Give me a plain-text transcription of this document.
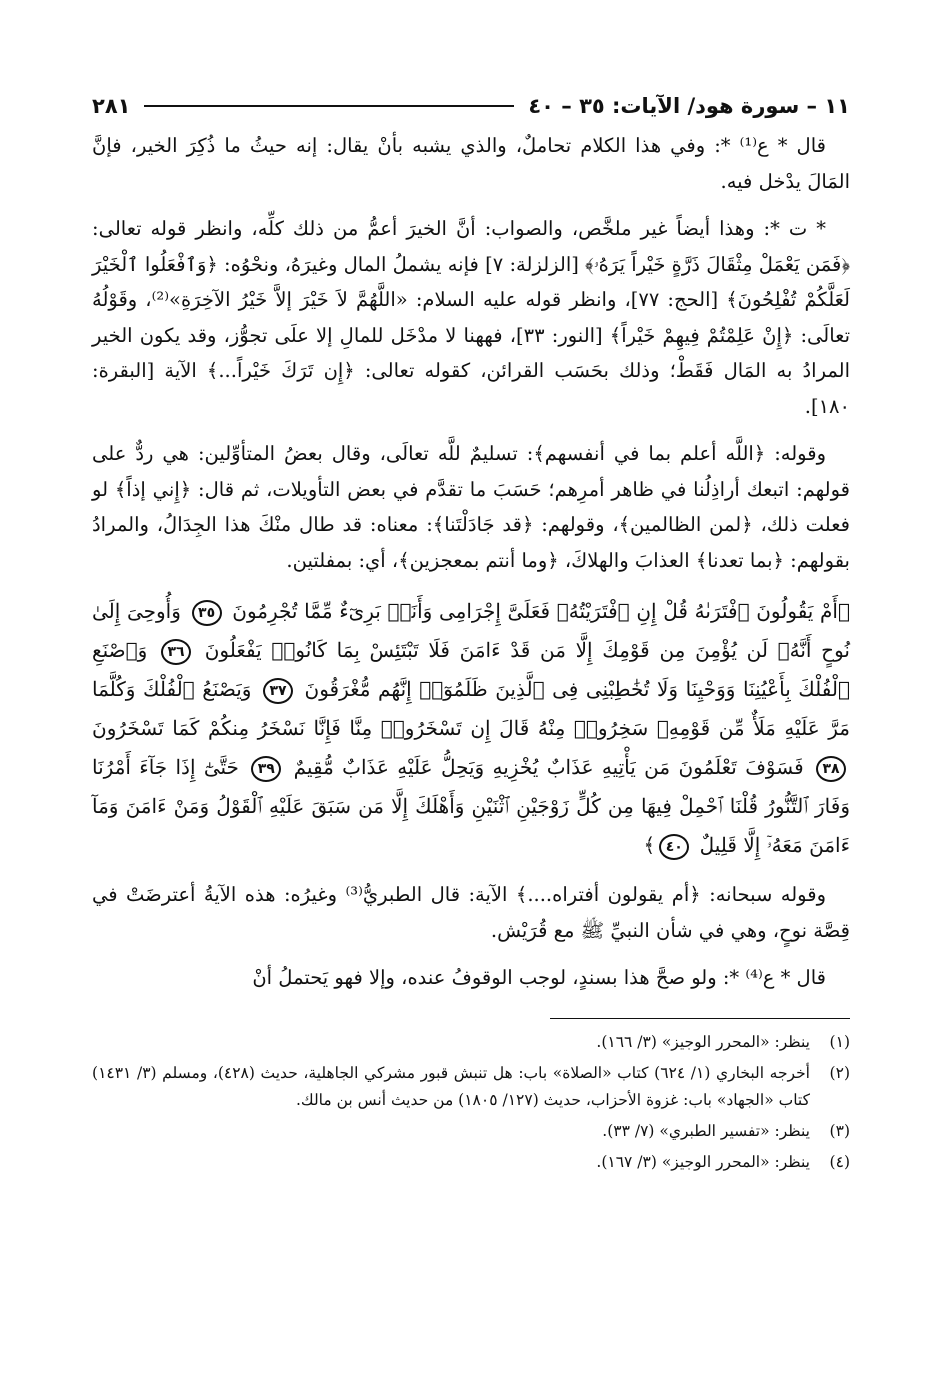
١١ – سورة هود/ الآيات: ٣٥ – ٤٠
٢٨١

قال * ع⁽¹⁾ *: وفي هذا الكلام تحاملٌ، والذي يشبه بأنْ يقال: إنه حيثُ ما ذُكِرَ الخير، فإنَّ المَالَ يدْخل فيه.

* ت *: وهذا أيضاً غير ملخَّص، والصواب: أنَّ الخيرَ أعمُّ من ذلك كلِّه، وانظر قوله تعالى: ﴿فَمَن يَعْمَلْ مِثْقَالَ ذَرَّةٍ خَيْراً يَرَهُۥ﴾ [الزلزلة: ٧] فإنه يشملُ المال وغيرَهُ، ونحْوُه: ﴿وَٱفْعَلُوا ٱلْخَيْرَ لَعَلَّكُمْ تُفْلِحُونَ﴾ [الحج: ٧٧]، وانظر قوله عليه السلام: «اللَّهُمَّ لاَ خَيْرَ إلاَّ خَيْرُ الآخِرَةِ»⁽²⁾، وقَوْلُهُ تعالَى: ﴿إِنْ عَلِمْتُمْ فِيهِمْ خَيْراً﴾ [النور: ٣٣]، فههنا لا مدْخَل للمالِ إلا علَى تجوُّز، وقد يكون الخير المرادُ به المَال فَقَطْ؛ وذلك بحَسَب القرائن، كقوله تعالى: ﴿إِن تَرَكَ خَيْراً...﴾ الآية [البقرة: ١٨٠].

وقوله: ﴿اللَّه أعلم بما في أنفسهم﴾: تسليمٌ للَّه تعالَى، وقال بعضُ المتأوِّلين: هي ردٌّ على قولهم: اتبعك أراذِلُنا في ظاهر أمرِهم؛ حَسَبَ ما تقدَّم في بعض التأويلات، ثم قال: ﴿إِني إذاً﴾ لو فعلت ذلك، ﴿لمن الظالمين﴾، وقولهم: ﴿قد جَادَلْتَنا﴾: معناه: قد طال منْكَ هذا الجِدَالُ، والمرادُ بقولهم: ﴿بما تعدنا﴾ العذابَ والهلاكَ، ﴿وما أنتم بمعجزين﴾، أي: بمفلتين.

﴿أَمْ يَقُولُونَ ٱفْتَرَىٰهُ قُلْ إِنِ ٱفْتَرَيْتُهُۥ فَعَلَىَّ إِجْرَامِى وَأَنَا۠ بَرِىٓءٌ مِّمَّا تُجْرِمُونَ ٣٥ وَأُوحِىَ إِلَىٰ نُوحٍ أَنَّهُۥ لَن يُؤْمِنَ مِن قَوْمِكَ إِلَّا مَن قَدْ ءَامَنَ فَلَا تَبْتَئِسْ بِمَا كَانُوا۟ يَفْعَلُونَ ٣٦ وَٱصْنَعِ ٱلْفُلْكَ بِأَعْيُنِنَا وَوَحْيِنَا وَلَا تُخَٰطِبْنِى فِى ٱلَّذِينَ ظَلَمُوٓا۟ إِنَّهُم مُّغْرَقُونَ ٣٧ وَيَصْنَعُ ٱلْفُلْكَ وَكُلَّمَا مَرَّ عَلَيْهِ مَلَأٌ مِّن قَوْمِهِۦ سَخِرُوا۟ مِنْهُ قَالَ إِن تَسْخَرُوا۟ مِنَّا فَإِنَّا نَسْخَرُ مِنكُمْ كَمَا تَسْخَرُونَ ٣٨ فَسَوْفَ تَعْلَمُونَ مَن يَأْتِيهِ عَذَابٌ يُخْزِيهِ وَيَحِلُّ عَلَيْهِ عَذَابٌ مُّقِيمٌ ٣٩ حَتَّىٰٓ إِذَا جَآءَ أَمْرُنَا وَفَارَ ٱلتَّنُّورُ قُلْنَا ٱحْمِلْ فِيهَا مِن كُلٍّ زَوْجَيْنِ ٱثْنَيْنِ وَأَهْلَكَ إِلَّا مَن سَبَقَ عَلَيْهِ ٱلْقَوْلُ وَمَنْ ءَامَنَ وَمَآ ءَامَنَ مَعَهُۥٓ إِلَّا قَلِيلٌ ٤٠﴾

وقوله سبحانه: ﴿أم يقولون أفتراه....﴾ الآية: قال الطبريُّ⁽³⁾ وغيرُه: هذه الآيةُ أعترضَتْ في قِصَّة نوحٍ، وهي في شأن النبيِّ ﷺ مع قُرَيْش.

قال * ع⁽⁴⁾ *: ولو صحَّ هذا بسندٍ، لوجب الوقوفُ عنده، وإلا فهو يَحتملُ أنْ

(١)
ينظر: «المحرر الوجيز» (٣/ ١٦٦).
(٢)
أخرجه البخاري (١/ ٦٢٤) كتاب «الصلاة» باب: هل تنبش قبور مشركي الجاهلية، حديث (٤٢٨)، ومسلم (٣/ ١٤٣١) كتاب «الجهاد» باب: غزوة الأحزاب، حديث (١٢٧/ ١٨٠٥) من حديث أنس بن مالك.
(٣)
ينظر: «تفسير الطبري» (٧/ ٣٣).
(٤)
ينظر: «المحرر الوجيز» (٣/ ١٦٧).
